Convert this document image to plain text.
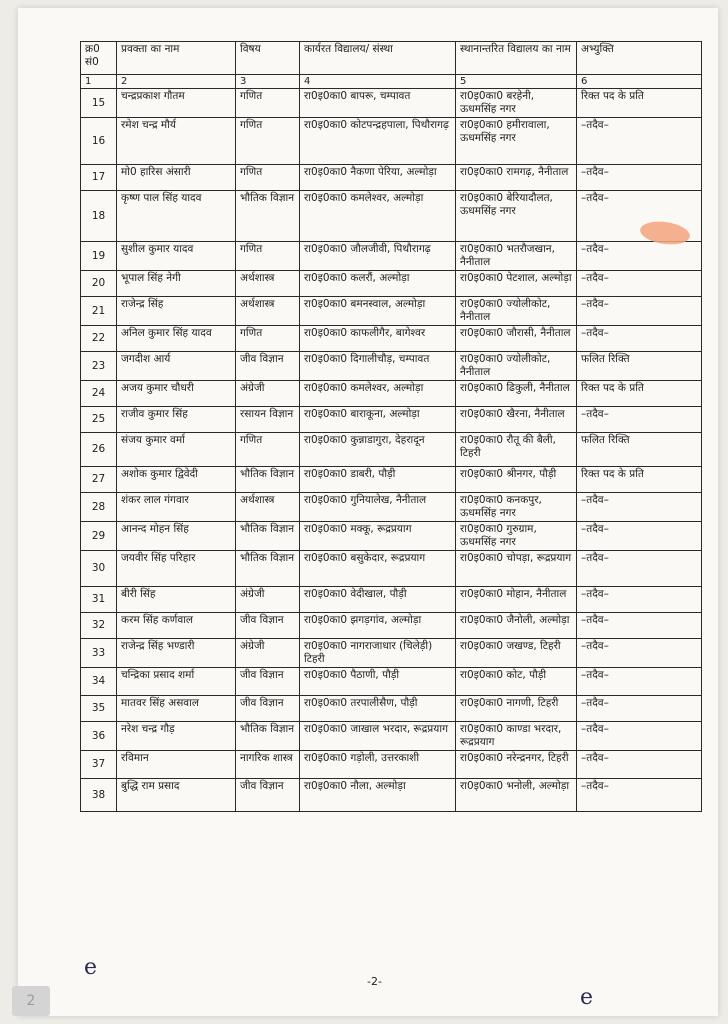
क्र0 सं0	प्रवक्ता का नाम	विषय	कार्यरत विद्यालय/ संस्था	स्थानान्तरित विद्यालय का नाम	अभ्युक्ति
1	2	3	4	5	6
15	चन्द्रप्रकाश गौतम	गणित	रा0इ0का0 बापरू, चम्पावत	रा0इ0का0 बरहेनी, ऊधमसिंह नगर	रिक्त पद के प्रति
16	रमेश चन्द्र मौर्य	गणित	रा0इ0का0 कोटपन्द्रहपाला, पिथौरागढ़	रा0इ0का0 हमीरावाला, ऊधमसिंह नगर	–तदैव–
17	मो0 हारिस अंसारी	गणित	रा0इ0का0 नैकणा पेरिया, अल्मोड़ा	रा0इ0का0 रामगढ़, नैनीताल	–तदैव–
18	कृष्ण पाल सिंह यादव	भौतिक विज्ञान	रा0इ0का0 कमलेश्वर, अल्मोड़ा	रा0इ0का0 बेरियादौलत, ऊधमसिंह नगर	–तदैव–
19	सुशील कुमार यादव	गणित	रा0इ0का0 जौलजीवी, पिथौरागढ़	रा0इ0का0 भतरौजखान, नैनीताल	–तदैव–
20	भूपाल सिंह नेगी	अर्थशास्त्र	रा0इ0का0 कलरौं, अल्मोड़ा	रा0इ0का0 पेटशाल, अल्मोड़ा	–तदैव–
21	राजेन्द्र सिंह	अर्थशास्त्र	रा0इ0का0 बमनस्वाल, अल्मोड़ा	रा0इ0का0 ज्योलीकोट, नैनीताल	–तदैव–
22	अनिल कुमार सिंह यादव	गणित	रा0इ0का0 काफलीगैर, बागेश्वर	रा0इ0का0 जौरासी, नैनीताल	–तदैव–
23	जगदीश आर्य	जीव विज्ञान	रा0इ0का0 दिगालीचौड़, चम्पावत	रा0इ0का0 ज्योलीकोट, नैनीताल	फलित रिक्ति
24	अजय कुमार चौधरी	अंग्रेजी	रा0इ0का0 कमलेश्वर, अल्मोड़ा	रा0इ0का0 ढिकुली, नैनीताल	रिक्त पद के प्रति
25	राजीव कुमार सिंह	रसायन विज्ञान	रा0इ0का0 बाराकूना, अल्मोड़ा	रा0इ0का0 खैरना, नैनीताल	–तदैव–
26	संजय कुमार वर्मा	गणित	रा0इ0का0 कुन्नाडागुरा, देहरादून	रा0इ0का0 रौतू की बैली, टिहरी	फलित रिक्ति
27	अशोक कुमार द्विवेदी	भौतिक विज्ञान	रा0इ0का0 डाबरी, पौड़ी	रा0इ0का0 श्रीनगर, पौड़ी	रिक्त पद के प्रति
28	शंकर लाल गंगवार	अर्थशास्त्र	रा0इ0का0 गुनियालेख, नैनीताल	रा0इ0का0 कनकपुर, ऊधमसिंह नगर	–तदैव–
29	आनन्द मोहन सिंह	भौतिक विज्ञान	रा0इ0का0 मक्कू, रूद्रप्रयाग	रा0इ0का0 गुरुग्राम, ऊधमसिंह नगर	–तदैव–
30	जयवीर सिंह परिहार	भौतिक विज्ञान	रा0इ0का0 बसुकेदार, रूद्रप्रयाग	रा0इ0का0 चोपड़ा, रूद्रप्रयाग	–तदैव–
31	बीरी सिंह	अंग्रेजी	रा0इ0का0 वेदीखाल, पौड़ी	रा0इ0का0 मोहान, नैनीताल	–तदैव–
32	करम सिंह कर्णवाल	जीव विज्ञान	रा0इ0का0 झगड़गांव, अल्मोड़ा	रा0इ0का0 जैनोली, अल्मोड़ा	–तदैव–
33	राजेन्द्र सिंह भण्डारी	अंग्रेजी	रा0इ0का0 नागराजाधार (चिलेड़ी) टिहरी	रा0इ0का0 जखण्ड, टिहरी	–तदैव–
34	चन्द्रिका प्रसाद शर्मा	जीव विज्ञान	रा0इ0का0 पैठाणी, पौड़ी	रा0इ0का0 कोट, पौड़ी	–तदैव–
35	मातवर सिंह असवाल	जीव विज्ञान	रा0इ0का0 तरपालीसैण, पौड़ी	रा0इ0का0 नागणी, टिहरी	–तदैव–
36	नरेश चन्द्र गौड़	भौतिक विज्ञान	रा0इ0का0 जाखाल भरदार, रूद्रप्रयाग	रा0इ0का0 काण्डा भरदार, रूद्रप्रयाग	–तदैव–
37	रविमान	नागरिक शास्त्र	रा0इ0का0 गड़ोली, उत्तरकाशी	रा0इ0का0 नरेन्द्रनगर, टिहरी	–तदैव–
38	बुद्धि राम प्रसाद	जीव विज्ञान	रा0इ0का0 नौला, अल्मोड़ा	रा0इ0का0 भनोली, अल्मोड़ा	–तदैव–
-2-
e
e
2
